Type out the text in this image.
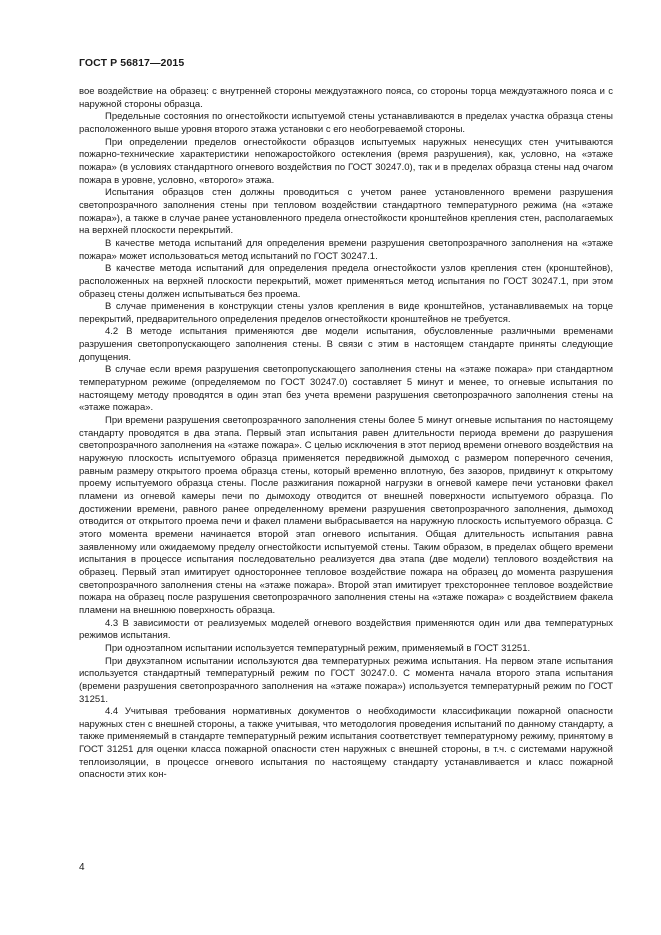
ГОСТ Р 56817—2015

вое воздействие на образец: с внутренней стороны междуэтажного пояса, со стороны торца междуэтажного пояса и с наружной стороны образца.

Предельные состояния по огнестойкости испытуемой стены устанавливаются в пределах участка образца стены расположенного выше уровня второго этажа установки с его необогреваемой стороны.

При определении пределов огнестойкости образцов испытуемых наружных ненесущих стен учитываются пожарно-технические характеристики непожаростойкого остекления (время разрушения), как, условно, на «этаже пожара» (в условиях стандартного огневого воздействия по ГОСТ 30247.0), так и в пределах образца стены над очагом пожара в уровне, условно, «второго» этажа.

Испытания образцов стен должны проводиться с учетом ранее установленного времени разрушения светопрозрачного заполнения стены при тепловом воздействии стандартного температурного режима (на «этаже пожара»), а также в случае ранее установленного предела огнестойкости кронштейнов крепления стен, располагаемых на верхней плоскости перекрытий.

В качестве метода испытаний для определения времени разрушения светопрозрачного заполнения на «этаже пожара» может использоваться метод испытаний по ГОСТ 30247.1.

В качестве метода испытаний для определения предела огнестойкости узлов крепления стен (кронштейнов), расположенных на верхней плоскости перекрытий, может применяться метод испытания по ГОСТ 30247.1, при этом образец стены должен испытываться без проема.

В случае применения в конструкции стены узлов крепления в виде кронштейнов, устанавливаемых на торце перекрытий, предварительного определения пределов огнестойкости кронштейнов не требуется.

4.2 В методе испытания применяются две модели испытания, обусловленные различными временами разрушения светопропускающего заполнения стены. В связи с этим в настоящем стандарте приняты следующие допущения.

В случае если время разрушения светопропускающего заполнения стены на «этаже пожара» при стандартном температурном режиме (определяемом по ГОСТ 30247.0) составляет 5 минут и менее, то огневые испытания по настоящему методу проводятся в один этап без учета времени разрушения светопрозрачного заполнения стены на «этаже пожара».

При времени разрушения светопрозрачного заполнения стены более 5 минут огневые испытания по настоящему стандарту проводятся в два этапа. Первый этап испытания равен длительности периода времени до разрушения светопрозрачного заполнения на «этаже пожара». С целью исключения в этот период времени огневого воздействия на наружную плоскость испытуемого образца применяется передвижной дымоход с размером поперечного сечения, равным размеру открытого проема образца стены, который временно вплотную, без зазоров, придвинут к открытому проему испытуемого образца стены. После разжигания пожарной нагрузки в огневой камере печи установки факел пламени из огневой камеры печи по дымоходу отводится от внешней поверхности испытуемого образца. По достижении времени, равного ранее определенному времени разрушения светопрозрачного заполнения, дымоход отводится от открытого проема печи и факел пламени выбрасывается на наружную плоскость испытуемого образца. С этого момента времени начинается второй этап огневого испытания. Общая длительность испытания равна заявленному или ожидаемому пределу огнестойкости испытуемой стены. Таким образом, в пределах общего времени испытания в процессе испытания последовательно реализуется два этапа (две модели) теплового воздействия на образец. Первый этап имитирует одностороннее тепловое воздействие пожара на образец до момента разрушения светопрозрачного заполнения стены на «этаже пожара». Второй этап имитирует трехстороннее тепловое воздействие пожара на образец после разрушения светопрозрачного заполнения стены на «этаже пожара» с воздействием факела пламени на внешнюю поверхность образца.

4.3 В зависимости от реализуемых моделей огневого воздействия применяются один или два температурных режимов испытания.

При одноэтапном испытании используется температурный режим, применяемый в ГОСТ 31251.

При двухэтапном испытании используются два температурных режима испытания. На первом этапе испытания используется стандартный температурный режим по ГОСТ 30247.0. С момента начала второго этапа испытания (времени разрушения светопрозрачного заполнения на «этаже пожара») используется температурный режим по ГОСТ 31251.

4.4 Учитывая требования нормативных документов о необходимости классификации пожарной опасности наружных стен с внешней стороны, а также учитывая, что методология проведения испытаний по данному стандарту, а также применяемый в стандарте температурный режим испытания соответствует температурному режиму, принятому в ГОСТ 31251 для оценки класса пожарной опасности стен наружных с внешней стороны, в т.ч. с системами наружной теплоизоляции, в процессе огневого испытания по настоящему стандарту устанавливается и класс пожарной опасности этих кон-

4
